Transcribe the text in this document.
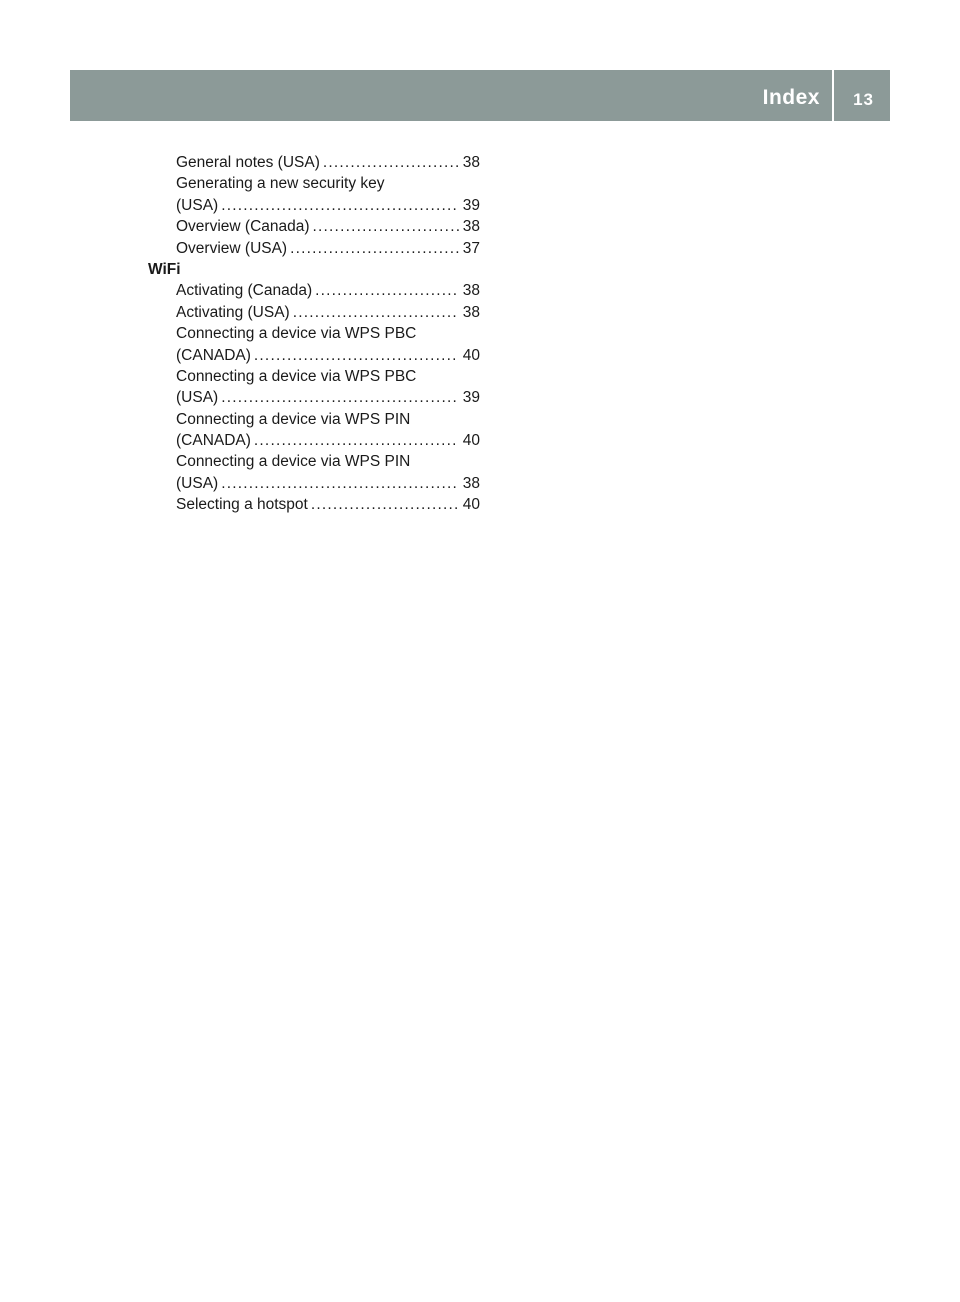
Index 13
General notes (USA) .....	38
Generating a new security key
(USA) .....	39
Overview (Canada) .....	38
Overview (USA) .....	37
WiFi
Activating (Canada) .....	38
Activating (USA) .....	38
Connecting a device via WPS PBC
(CANADA) .....	40
Connecting a device via WPS PBC
(USA) .....	39
Connecting a device via WPS PIN
(CANADA) .....	40
Connecting a device via WPS PIN
(USA) .....	38
Selecting a hotspot .....	40
